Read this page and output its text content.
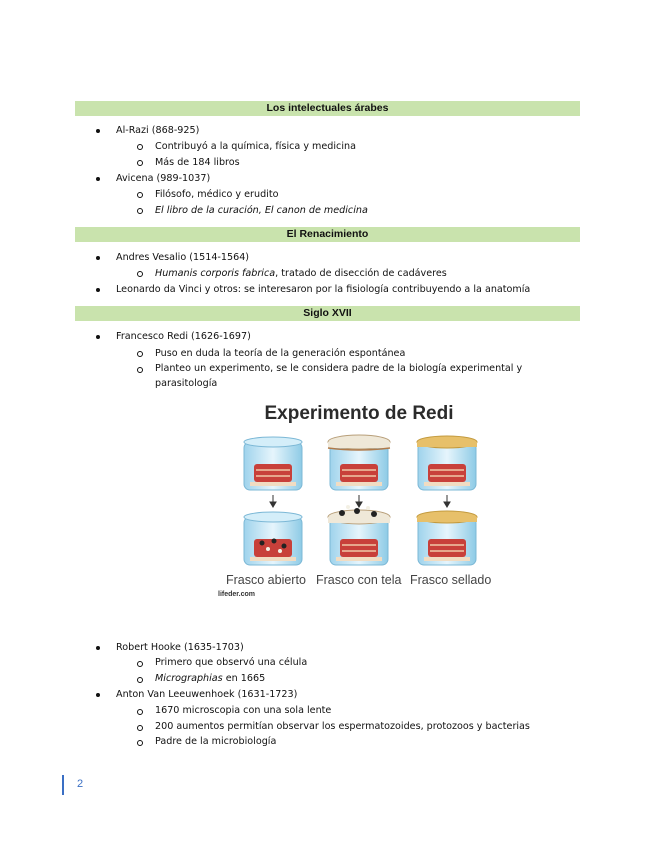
Los intelectuales árabes
Al-Razi (868-925)
Contribuyó a la química, física y medicina
Más de 184 libros
Avicena (989-1037)
Filósofo, médico y erudito
El libro de la curación, El canon de medicina
El Renacimiento
Andres Vesalio (1514-1564)
Humanis corporis fabrica, tratado de disección de cadáveres
Leonardo da Vinci y otros: se interesaron por la fisiología contribuyendo a la anatomía
Siglo XVII
Francesco Redi (1626-1697)
Puso en duda la teoría de la generación espontánea
Planteo un experimento, se le considera padre de la biología experimental y
parasitología
Experimento de Redi
Frasco abierto Frasco con tela Frasco sellado
lifeder.com
Robert Hooke (1635-1703)
Primero que observó una célula
Micrographias en 1665
Anton Van Leeuwenhoek (1631-1723)
1670 microscopia con una sola lente
200 aumentos permitían observar los espermatozoides, protozoos y bacterias
Padre de la microbiología
2
